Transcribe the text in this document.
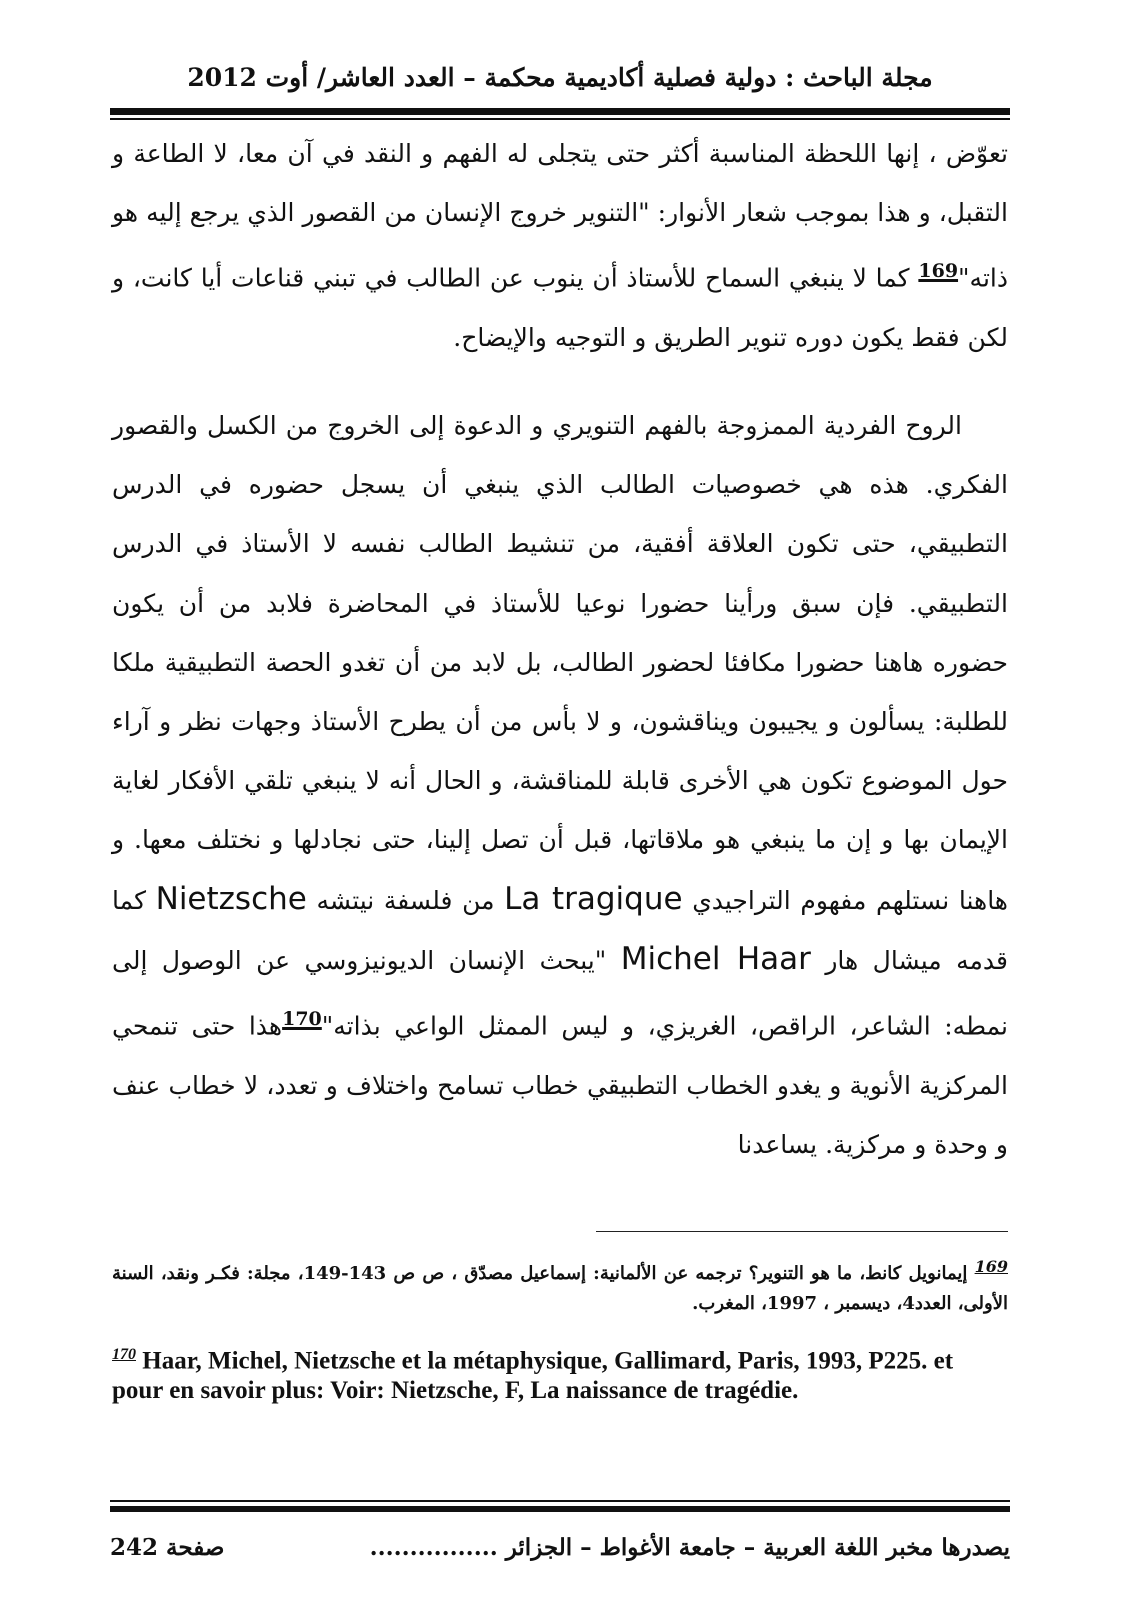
مجلة الباحث : دولية فصلية أكاديمية محكمة – العدد العاشر/ أوت 2012
تعوّض ، إنها اللحظة المناسبة أكثر حتى يتجلى له الفهم و النقد في آن معا، لا الطاعة و التقبل، و هذا بموجب شعار الأنوار: "التنوير خروج الإنسان من القصور الذي يرجع إليه هو ذاته"$^{169}$ كما لا ينبغي السماح للأستاذ أن ينوب عن الطالب في تبني قناعات أيا كانت، و لكن فقط يكون دوره تنوير الطريق و التوجيه والإيضاح.
الروح الفردية الممزوجة بالفهم التنويري و الدعوة إلى الخروج من الكسل والقصور الفكري. هذه هي خصوصيات الطالب الذي ينبغي أن يسجل حضوره في الدرس التطبيقي، حتى تكون العلاقة أفقية، من تنشيط الطالب نفسه لا الأستاذ في الدرس التطبيقي. فإن سبق ورأينا حضورا نوعيا للأستاذ في المحاضرة فلابد من أن يكون حضوره هاهنا حضورا مكافئا لحضور الطالب، بل لابد من أن تغدو الحصة التطبيقية ملكا للطلبة: يسألون و يجيبون ويناقشون، و لا بأس من أن يطرح الأستاذ وجهات نظر و آراء حول الموضوع تكون هي الأخرى قابلة للمناقشة، و الحال أنه لا ينبغي تلقي الأفكار لغاية الإيمان بها و إن ما ينبغي هو ملاقاتها، قبل أن تصل إلينا، حتى نجادلها و نختلف معها. و هاهنا نستلهم مفهوم التراجيدي La tragique من فلسفة نيتشه Nietzsche كما قدمه ميشال هار Michel Haar "يبحث الإنسان الديونيزوسي عن الوصول إلى نمطه: الشاعر، الراقص، الغريزي، و ليس الممثل الواعي بذاته"$^{170}$هذا حتى تنمحي المركزية الأنوية و يغدو الخطاب التطبيقي خطاب تسامح واختلاف و تعدد، لا خطاب عنف و وحدة و مركزية. يساعدنا
169 إيمانويل كانط، ما هو التنوير؟ ترجمه عن الألمانية: إسماعيل مصدّق ، ص ص 143-149، مجلة: فكـر ونقد، السنة الأولى، العدد4، ديسمبر ، 1997، المغرب.
$^{170}$ Haar, Michel, Nietzsche et la métaphysique, Gallimard, Paris, 1993, P225. et pour en savoir plus: Voir: Nietzsche, F, La naissance de tragédie.
يصدرها مخبر اللغة العربية – جامعة الأغواط – الجزائر ................
صفحة 242
